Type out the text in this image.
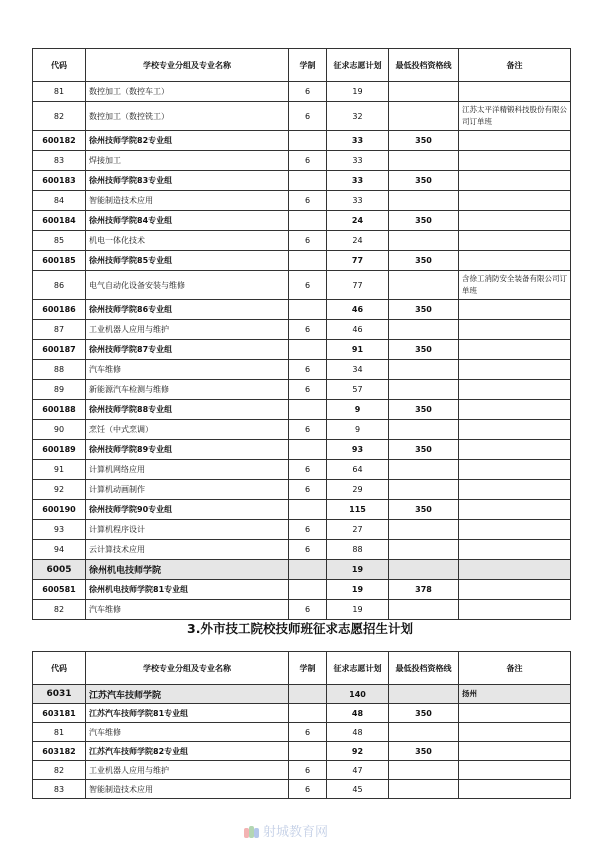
代码	学校专业分组及专业名称	学制	征求志愿计划	最低投档资格线	备注
81	数控加工（数控车工）	6	19		
82	数控加工（数控铣工）	6	32		江苏太平洋精锻科技股份有限公司订单班
600182	徐州技师学院82专业组		33	350	
83	焊接加工	6	33		
600183	徐州技师学院83专业组		33	350	
84	智能制造技术应用	6	33		
600184	徐州技师学院84专业组		24	350	
85	机电一体化技术	6	24		
600185	徐州技师学院85专业组		77	350	
86	电气自动化设备安装与维修	6	77		含徐工消防安全装备有限公司订单班
600186	徐州技师学院86专业组		46	350	
87	工业机器人应用与维护	6	46		
600187	徐州技师学院87专业组		91	350	
88	汽车维修	6	34		
89	新能源汽车检测与维修	6	57		
600188	徐州技师学院88专业组		9	350	
90	烹饪（中式烹调）	6	9		
600189	徐州技师学院89专业组		93	350	
91	计算机网络应用	6	64		
92	计算机动画制作	6	29		
600190	徐州技师学院90专业组		115	350	
93	计算机程序设计	6	27		
94	云计算技术应用	6	88		
6005	徐州机电技师学院		19		
600581	徐州机电技师学院81专业组		19	378	
82	汽车维修	6	19		
3.外市技工院校技师班征求志愿招生计划
代码	学校专业分组及专业名称	学制	征求志愿计划	最低投档资格线	备注
6031	江苏汽车技师学院		140		扬州
603181	江苏汽车技师学院81专业组		48	350	
81	汽车维修	6	48		
603182	江苏汽车技师学院82专业组		92	350	
82	工业机器人应用与维护	6	47		
83	智能制造技术应用	6	45		
射城教育网
